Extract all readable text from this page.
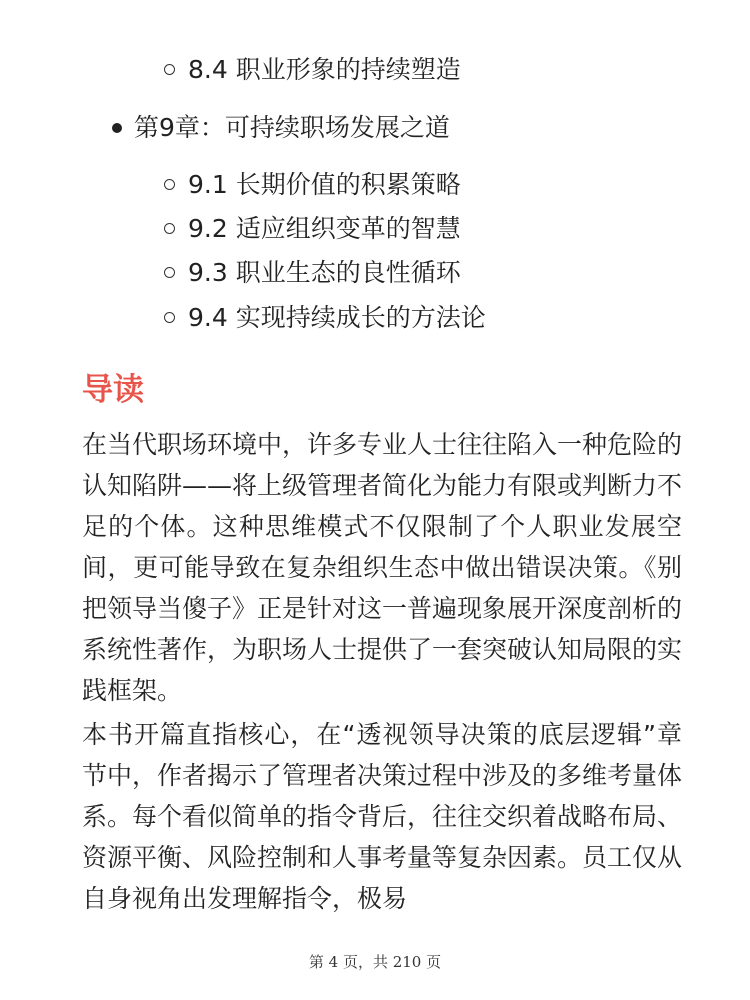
8.4 职业形象的持续塑造
第9章：可持续职场发展之道
9.1 长期价值的积累策略
9.2 适应组织变革的智慧
9.3 职业生态的良性循环
9.4 实现持续成长的方法论
导读

在当代职场环境中，许多专业人士往往陷入一种危险的认知陷阱——将上级管理者简化为能力有限或判断力不足的个体。这种思维模式不仅限制了个人职业发展空间，更可能导致在复杂组织生态中做出错误决策。《别把领导当傻子》正是针对这一普遍现象展开深度剖析的系统性著作，为职场人士提供了一套突破认知局限的实践框架。

本书开篇直指核心，在“透视领导决策的底层逻辑”章节中，作者揭示了管理者决策过程中涉及的多维考量体系。每个看似简单的指令背后，往往交织着战略布局、资源平衡、风险控制和人事考量等复杂因素。员工仅从自身视角出发理解指令，极易

第 4 页，共 210 页
